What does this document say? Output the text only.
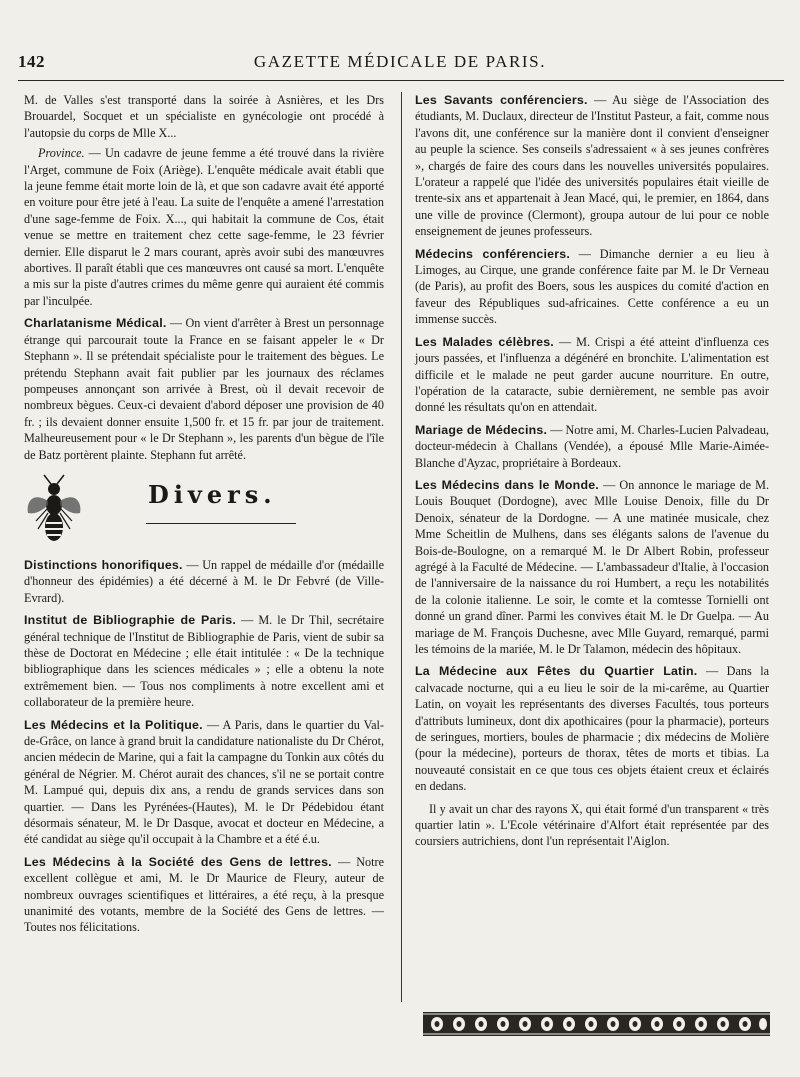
142	GAZETTE MÉDICALE DE PARIS.

M. de Valles s'est transporté dans la soirée à Asnières, et les Drs Brouardel, Socquet et un spécialiste en gynécologie ont procédé à l'autopsie du corps de Mlle X...

Province. — Un cadavre de jeune femme a été trouvé dans la rivière l'Arget, commune de Foix (Ariège). L'enquête médicale avait établi que la jeune femme était morte loin de là, et que son cadavre avait été apporté en voiture pour être jeté à l'eau. La suite de l'enquête a amené l'arrestation d'une sage-femme de Foix. X..., qui habitait la commune de Cos, était venue se mettre en traitement chez cette sage-femme, le 23 février dernier. Elle disparut le 2 mars courant, après avoir subi des manœuvres abortives. Il paraît établi que ces manœuvres ont causé sa mort. L'enquête a mis sur la piste d'autres crimes du même genre qui auraient été commis par l'inculpée.

Charlatanisme Médical. — On vient d'arrêter à Brest un personnage étrange qui parcourait toute la France en se faisant appeler le « Dr Stephann ». Il se prétendait spécialiste pour le traitement des bègues. Le prétendu Stephann avait fait publier par les journaux des réclames pompeuses annonçant son arrivée à Brest, où il devait recevoir de nombreux bègues. Ceux-ci devaient d'abord déposer une provision de 40 fr. ; ils devaient donner ensuite 1,500 fr. et 15 fr. par jour de traitement. Malheureusement pour « le Dr Stephann », les parents d'un bègue de l'île de Batz portèrent plainte. Stephann fut arrêté.

Divers.

Distinctions honorifiques. — Un rappel de médaille d'or (médaille d'honneur des épidémies) a été décerné à M. le Dr Febvré (de Ville-Evrard).

Institut de Bibliographie de Paris. — M. le Dr Thil, secrétaire général technique de l'Institut de Bibliographie de Paris, vient de subir sa thèse de Doctorat en Médecine ; elle était intitulée : « De la technique bibliographique dans les sciences médicales » ; elle a obtenu la note extrêmement bien. — Tous nos compliments à notre excellent ami et collaborateur de la première heure.

Les Médecins et la Politique. — A Paris, dans le quartier du Val-de-Grâce, on lance à grand bruit la candidature nationaliste du Dr Chérot, ancien médecin de Marine, qui a fait la campagne du Tonkin aux côtés du général de Négrier. M. Chérot aurait des chances, s'il ne se portait contre M. Lampué qui, depuis dix ans, a rendu de grands services dans son quartier. — Dans les Pyrénées-(Hautes), M. le Dr Pédebidou étant désormais sénateur, M. le Dr Dasque, avocat et docteur en Médecine, a été candidat au siège qu'il occupait à la Chambre et a été é.u.

Les Médecins à la Société des Gens de lettres. — Notre excellent collègue et ami, M. le Dr Maurice de Fleury, auteur de nombreux ouvrages scientifiques et littéraires, a été reçu, à la presque unanimité des votants, membre de la Société des Gens de lettres. — Toutes nos félicitations.

Les Savants conférenciers. — Au siège de l'Association des étudiants, M. Duclaux, directeur de l'Institut Pasteur, a fait, comme nous l'avons dit, une conférence sur la manière dont il convient d'enseigner au peuple la science. Ses conseils s'adressaient « à ses jeunes confrères », chargés de faire des cours dans les nouvelles universités populaires. L'orateur a rappelé que l'idée des universités populaires était vieille de trente-six ans et appartenait à Jean Macé, qui, le premier, en 1864, dans une ville de province (Clermont), groupa autour de lui pour ce noble enseignement de jeunes professeurs.

Médecins conférenciers. — Dimanche dernier a eu lieu à Limoges, au Cirque, une grande conférence faite par M. le Dr Verneau (de Paris), au profit des Boers, sous les auspices du comité d'action en faveur des Républiques sud-africaines. Cette conférence a eu un immense succès.

Les Malades célèbres. — M. Crispi a été atteint d'influenza ces jours passées, et l'influenza a dégénéré en bronchite. L'alimentation est difficile et le malade ne peut garder aucune nourriture. En outre, l'opération de la cataracte, subie dernièrement, ne semble pas avoir donné les résultats qu'on en attendait.

Mariage de Médecins. — Notre ami, M. Charles-Lucien Palvadeau, docteur-médecin à Challans (Vendée), a épousé Mlle Marie-Aimée-Blanche d'Ayzac, propriétaire à Bordeaux.

Les Médecins dans le Monde. — On annonce le mariage de M. Louis Bouquet (Dordogne), avec Mlle Louise Denoix, fille du Dr Denoix, sénateur de la Dordogne. — A une matinée musicale, chez Mme Scheitlin de Mulhens, dans ses élégants salons de l'avenue du Bois-de-Boulogne, on a remarqué M. le Dr Albert Robin, professeur agrégé à la Faculté de Médecine. — L'ambassadeur d'Italie, à l'occasion de l'anniversaire de la naissance du roi Humbert, a reçu les notabilités de la colonie italienne. Le soir, le comte et la comtesse Tornielli ont donné un grand dîner. Parmi les convives était M. le Dr Guelpa. — Au mariage de M. François Duchesne, avec Mlle Guyard, remarqué, parmi les témoins de la mariée, M. le Dr Talamon, médecin des hôpitaux.

La Médecine aux Fêtes du Quartier Latin. — Dans la calvacade nocturne, qui a eu lieu le soir de la mi-carême, au Quartier Latin, on voyait les représentants des diverses Facultés, tous porteurs d'attributs lumineux, dont dix apothicaires (pour la pharmacie), porteurs de seringues, mortiers, boules de pharmacie ; dix médecins de Molière (pour la médecine), porteurs de thorax, têtes de morts et tibias. La nouveauté consistait en ce que tous ces objets étaient creux et éclairés en dedans.

Il y avait un char des rayons X, qui était formé d'un transparent « très quartier latin ». L'Ecole vétérinaire d'Alfort était représentée par des coursiers autrichiens, dont l'un représentait l'Aiglon.
